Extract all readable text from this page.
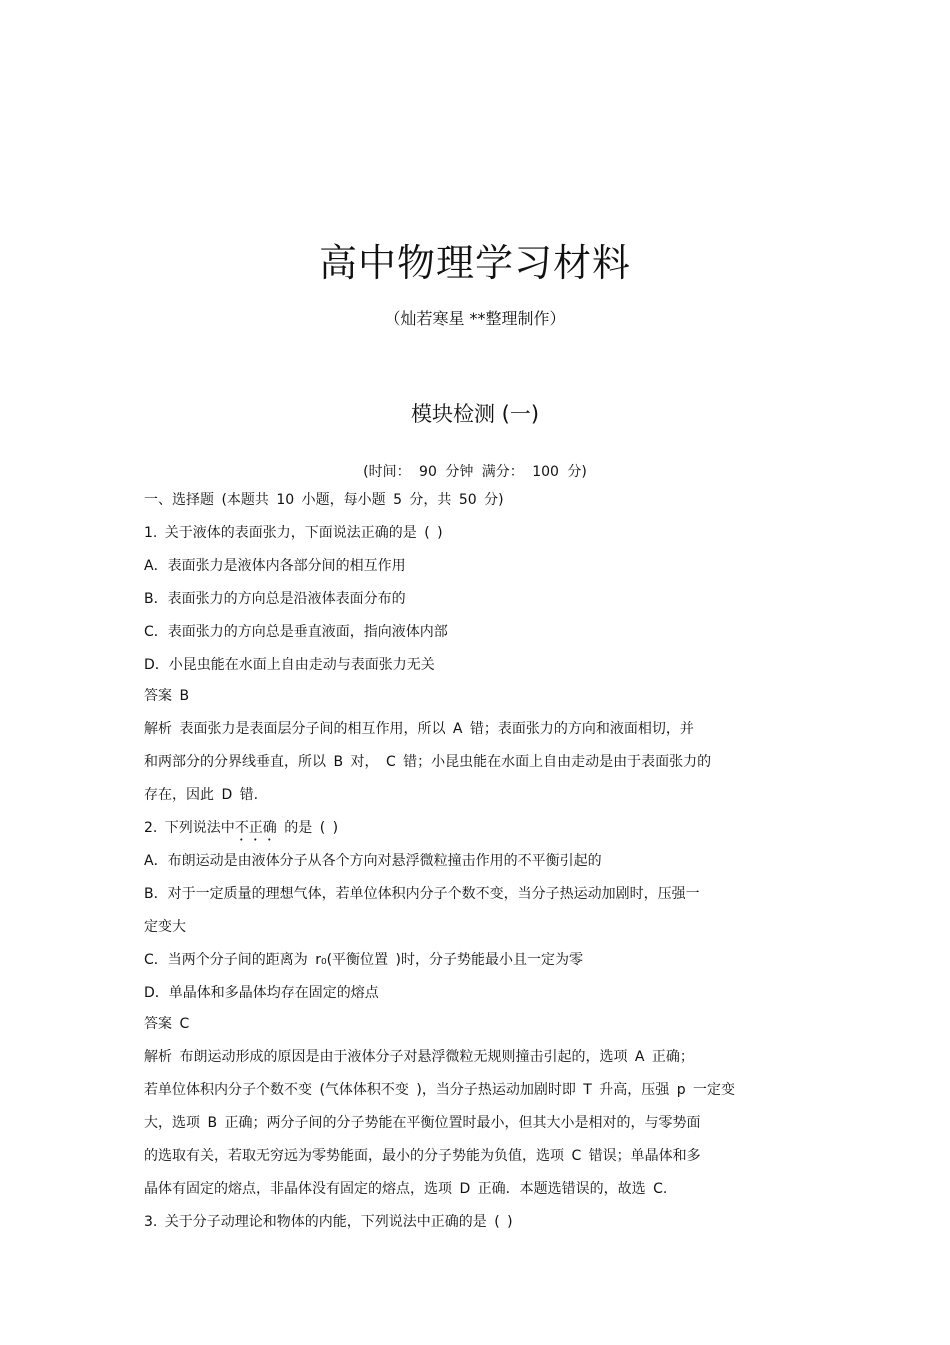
高中物理学习材料
（灿若寒星 **整理制作）
模块检测 (一)
(时间： 90 分钟 满分： 100 分)
一、选择题 (本题共 10 小题，每小题 5 分，共 50 分)
1. 关于液体的表面张力，下面说法正确的是 ( )
A．表面张力是液体内各部分间的相互作用
B．表面张力的方向总是沿液体表面分布的
C．表面张力的方向总是垂直液面，指向液体内部
D．小昆虫能在水面上自由走动与表面张力无关
答案 B
解析 表面张力是表面层分子间的相互作用，所以 A 错；表面张力的方向和液面相切，并
和两部分的分界线垂直，所以 B 对， C 错；小昆虫能在水面上自由走动是由于表面张力的
存在，因此 D 错.
2. 下列说法中不正确 的是 ( )
A．布朗运动是由液体分子从各个方向对悬浮微粒撞击作用的不平衡引起的
B．对于一定质量的理想气体，若单位体积内分子个数不变，当分子热运动加剧时，压强一
定变大
C．当两个分子间的距离为 r₀(平衡位置 )时，分子势能最小且一定为零
D．单晶体和多晶体均存在固定的熔点
答案 C
解析 布朗运动形成的原因是由于液体分子对悬浮微粒无规则撞击引起的，选项 A 正确；
若单位体积内分子个数不变 (气体体积不变 )，当分子热运动加剧时即 T 升高，压强 p 一定变
大，选项 B 正确；两分子间的分子势能在平衡位置时最小，但其大小是相对的，与零势面
的选取有关，若取无穷远为零势能面，最小的分子势能为负值，选项 C 错误；单晶体和多
晶体有固定的熔点，非晶体没有固定的熔点，选项 D 正确．本题选错误的，故选 C.
3. 关于分子动理论和物体的内能，下列说法中正确的是 ( )
